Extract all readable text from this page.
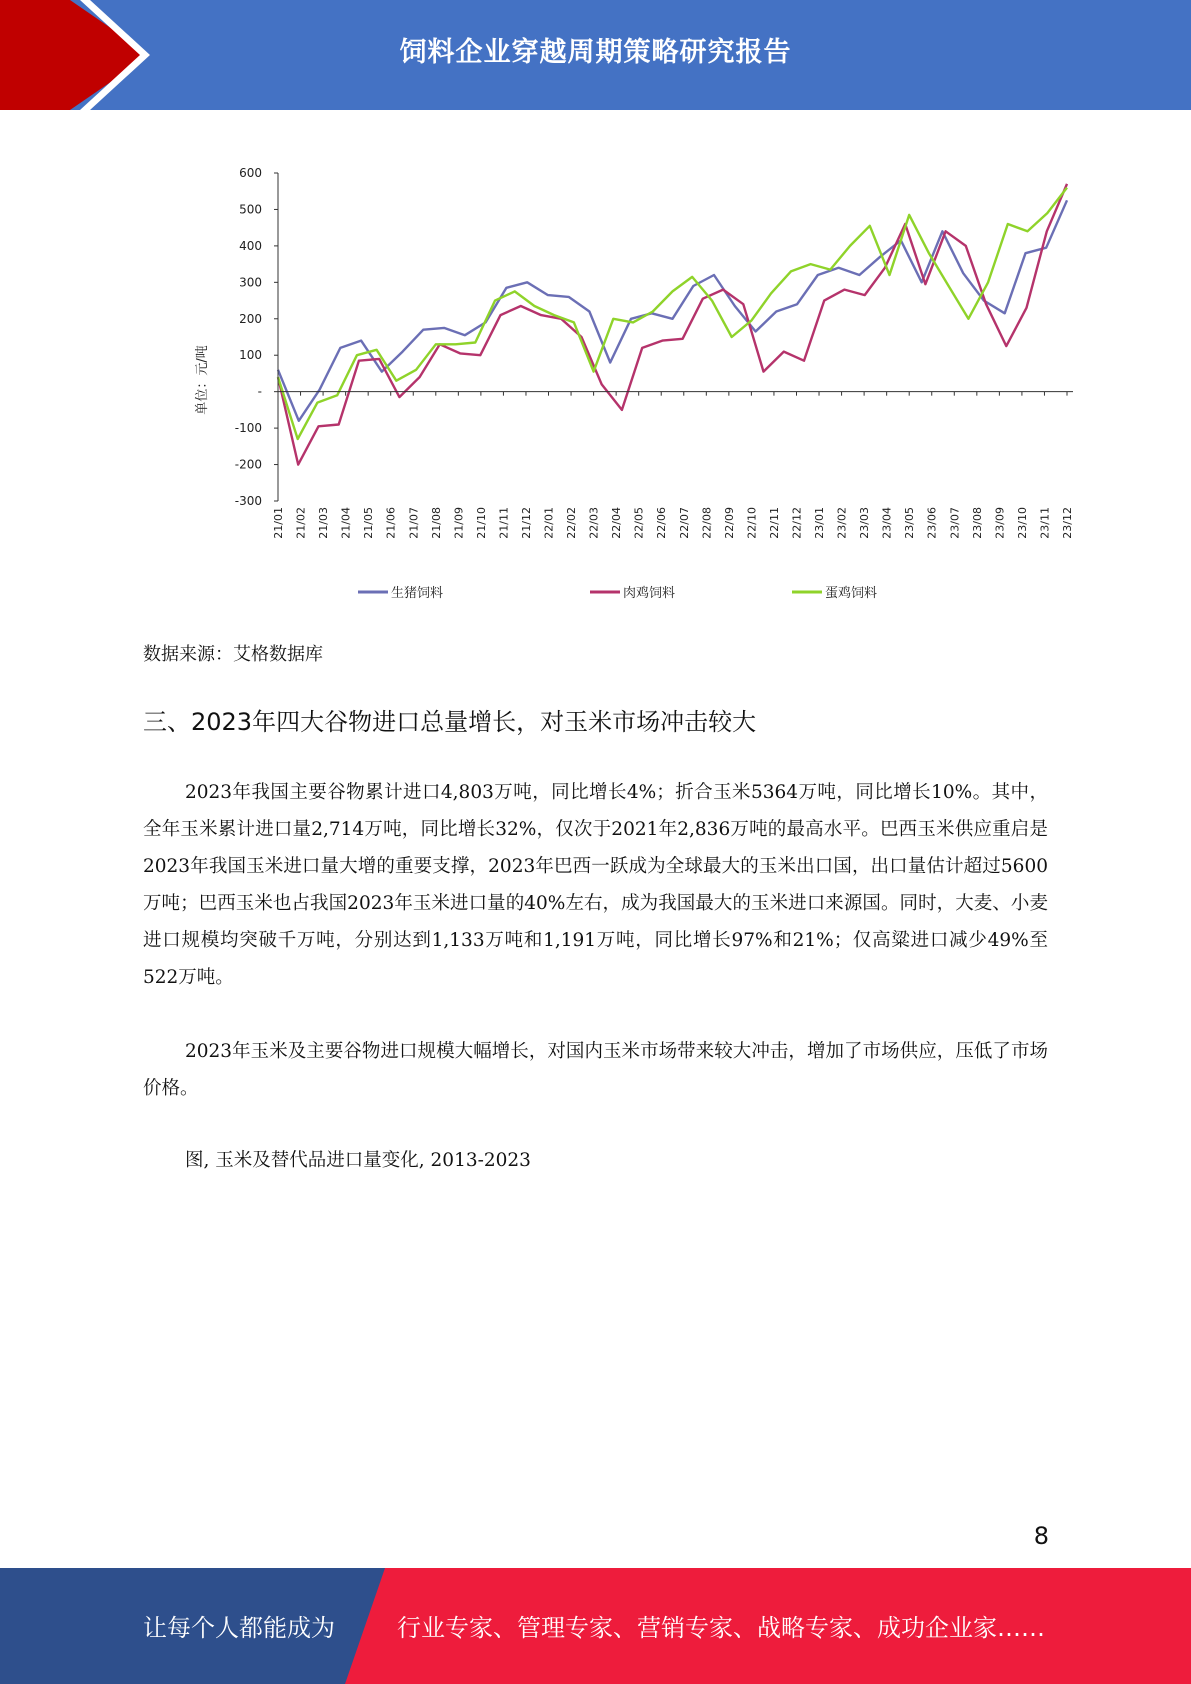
饲料企业穿越周期策略研究报告
600
500
400
300
200
100
-
-100
-200
-300
21/01 21/02 21/03 21/04 21/05 21/06 21/07 21/08 21/09 21/10 21/11 21/12 22/01 22/02 22/03 22/04 22/05 22/06 22/07 22/08 22/09 22/10 22/11 22/12 23/01 23/02 23/03 23/04 23/05 23/06 23/07 23/08 23/09 23/10 23/11 23/12
生猪饲料	肉鸡饲料	蛋鸡饲料
单位：元/吨
数据来源：艾格数据库
三、2023年四大谷物进口总量增长，对玉米市场冲击较大

2023年我国主要谷物累计进口4,803万吨，同比增长4%；折合玉米5364万吨，同比增长10%。其中，全年玉米累计进口量2,714万吨，同比增长32%，仅次于2021年2,836万吨的最高水平。巴西玉米供应重启是2023年我国玉米进口量大增的重要支撑，2023年巴西一跃成为全球最大的玉米出口国，出口量估计超过5600万吨；巴西玉米也占我国2023年玉米进口量的40%左右，成为我国最大的玉米进口来源国。同时，大麦、小麦进口规模均突破千万吨，分别达到1,133万吨和1,191万吨，同比增长97%和21%；仅高粱进口减少49%至522万吨。

2023年玉米及主要谷物进口规模大幅增长，对国内玉米市场带来较大冲击，增加了市场供应，压低了市场价格。

图, 玉米及替代品进口量变化, 2013-2023
8
让每个人都能成为	行业专家、管理专家、营销专家、战略专家、成功企业家……
